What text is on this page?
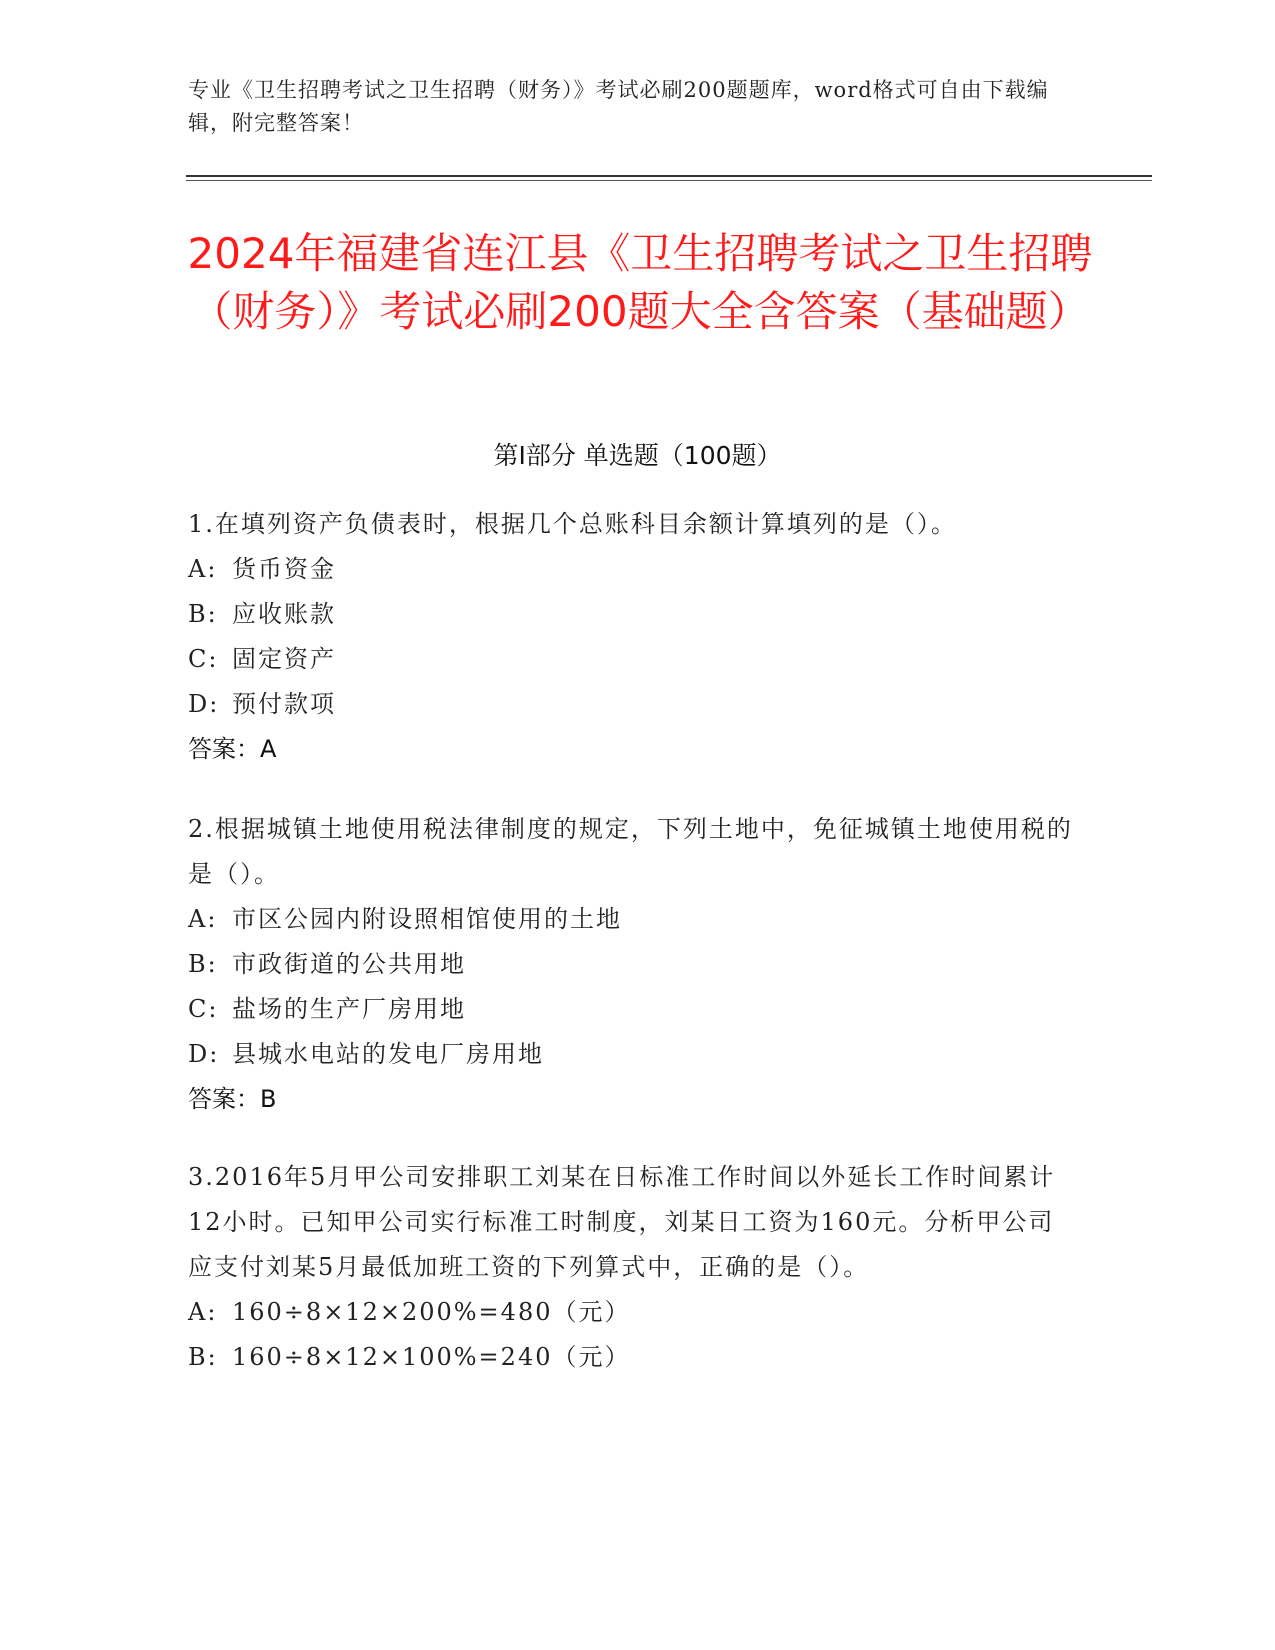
专业《卫生招聘考试之卫生招聘（财务）》考试必刷200题题库，word格式可自由下载编辑，附完整答案！
2024年福建省连江县《卫生招聘考试之卫生招聘（财务）》考试必刷200题大全含答案（基础题）
第I部分 单选题（100题）
1.在填列资产负债表时，根据几个总账科目余额计算填列的是（）。
A: 货币资金
B: 应收账款
C: 固定资产
D: 预付款项
答案：A
2.根据城镇土地使用税法律制度的规定，下列土地中，免征城镇土地使用税的是（）。
A: 市区公园内附设照相馆使用的土地
B: 市政街道的公共用地
C: 盐场的生产厂房用地
D: 县城水电站的发电厂房用地
答案：B
3.2016年5月甲公司安排职工刘某在日标准工作时间以外延长工作时间累计12小时。已知甲公司实行标准工时制度，刘某日工资为160元。分析甲公司应支付刘某5月最低加班工资的下列算式中，正确的是（）。
A: 160÷8×12×200%=480（元）
B: 160÷8×12×100%=240（元）
